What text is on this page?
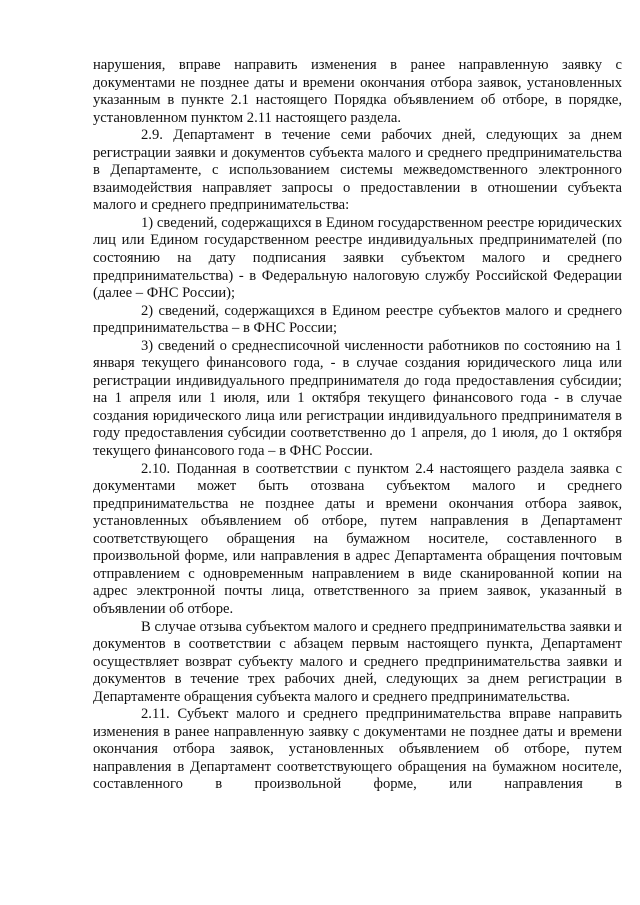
нарушения, вправе направить изменения в ранее направленную заявку с документами не позднее даты и времени окончания отбора заявок, установленных указанным в пункте 2.1 настоящего Порядка объявлением об отборе, в порядке, установленном пунктом 2.11 настоящего раздела.

2.9. Департамент в течение семи рабочих дней, следующих за днем регистрации заявки и документов субъекта малого и среднего предпринимательства в Департаменте, с использованием системы межведомственного электронного взаимодействия направляет запросы о предоставлении в отношении субъекта малого и среднего предпринимательства:

1) сведений, содержащихся в Едином государственном реестре юридических лиц или Едином государственном реестре индивидуальных предпринимателей (по состоянию на дату подписания заявки субъектом малого и среднего предпринимательства) - в Федеральную налоговую службу Российской Федерации (далее – ФНС России);

2) сведений, содержащихся в Едином реестре субъектов малого и среднего предпринимательства – в ФНС России;

3) сведений о среднесписочной численности работников по состоянию на 1 января текущего финансового года, - в случае создания юридического лица или регистрации индивидуального предпринимателя до года предоставления субсидии; на 1 апреля или 1 июля, или 1 октября текущего финансового года - в случае создания юридического лица или регистрации индивидуального предпринимателя в году предоставления субсидии соответственно до 1 апреля, до 1 июля, до 1 октября текущего финансового года – в ФНС России.

2.10. Поданная в соответствии с пунктом 2.4 настоящего раздела заявка с документами может быть отозвана субъектом малого и среднего предпринимательства не позднее даты и времени окончания отбора заявок, установленных объявлением об отборе, путем направления в Департамент соответствующего обращения на бумажном носителе, составленного в произвольной форме, или направления в адрес Департамента обращения почтовым отправлением с одновременным направлением в виде сканированной копии на адрес электронной почты лица, ответственного за прием заявок, указанный в объявлении об отборе.

В случае отзыва субъектом малого и среднего предпринимательства заявки и документов в соответствии с абзацем первым настоящего пункта, Департамент осуществляет возврат субъекту малого и среднего предпринимательства заявки и документов в течение трех рабочих дней, следующих за днем регистрации в Департаменте обращения субъекта малого и среднего предпринимательства.

2.11. Субъект малого и среднего предпринимательства вправе направить изменения в ранее направленную заявку с документами не позднее даты и времени окончания отбора заявок, установленных объявлением об отборе, путем направления в Департамент соответствующего обращения на бумажном носителе, составленного в произвольной форме, или направления в
